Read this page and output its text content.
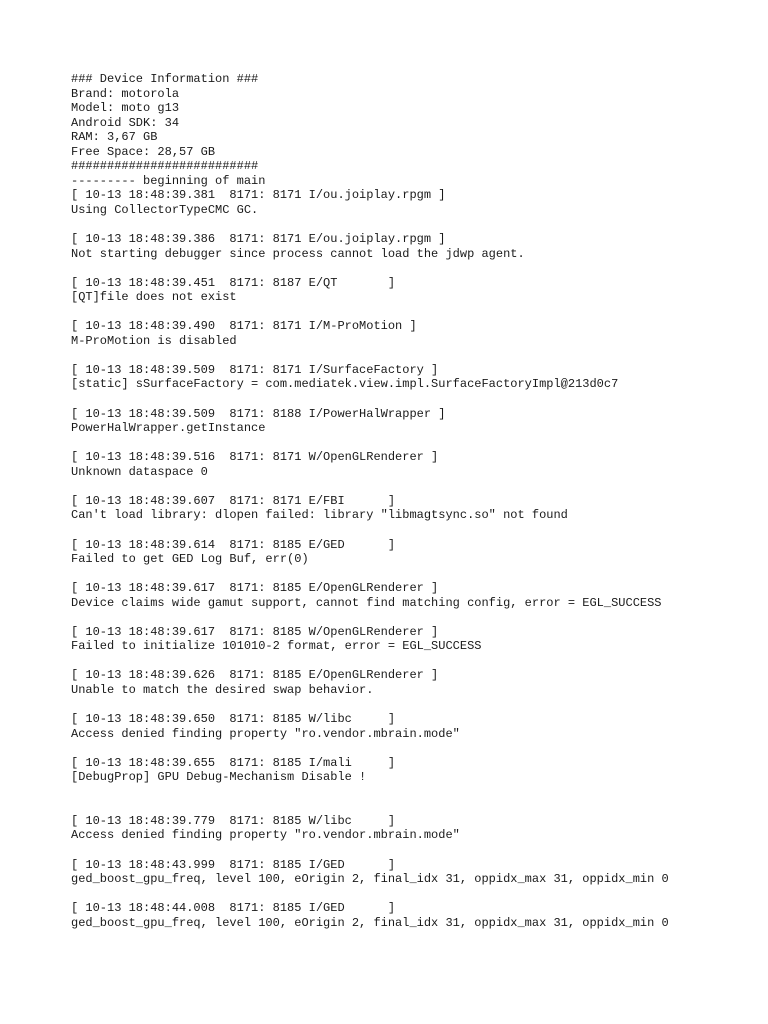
### Device Information ###
Brand: motorola
Model: moto g13
Android SDK: 34
RAM: 3,67 GB
Free Space: 28,57 GB
##########################
--------- beginning of main
[ 10-13 18:48:39.381  8171: 8171 I/ou.joiplay.rpgm ]
Using CollectorTypeCMC GC.

[ 10-13 18:48:39.386  8171: 8171 E/ou.joiplay.rpgm ]
Not starting debugger since process cannot load the jdwp agent.

[ 10-13 18:48:39.451  8171: 8187 E/QT       ]
[QT]file does not exist

[ 10-13 18:48:39.490  8171: 8171 I/M-ProMotion ]
M-ProMotion is disabled

[ 10-13 18:48:39.509  8171: 8171 I/SurfaceFactory ]
[static] sSurfaceFactory = com.mediatek.view.impl.SurfaceFactoryImpl@213d0c7

[ 10-13 18:48:39.509  8171: 8188 I/PowerHalWrapper ]
PowerHalWrapper.getInstance

[ 10-13 18:48:39.516  8171: 8171 W/OpenGLRenderer ]
Unknown dataspace 0

[ 10-13 18:48:39.607  8171: 8171 E/FBI      ]
Can't load library: dlopen failed: library "libmagtsync.so" not found

[ 10-13 18:48:39.614  8171: 8185 E/GED      ]
Failed to get GED Log Buf, err(0)

[ 10-13 18:48:39.617  8171: 8185 E/OpenGLRenderer ]
Device claims wide gamut support, cannot find matching config, error = EGL_SUCCESS

[ 10-13 18:48:39.617  8171: 8185 W/OpenGLRenderer ]
Failed to initialize 101010-2 format, error = EGL_SUCCESS

[ 10-13 18:48:39.626  8171: 8185 E/OpenGLRenderer ]
Unable to match the desired swap behavior.

[ 10-13 18:48:39.650  8171: 8185 W/libc     ]
Access denied finding property "ro.vendor.mbrain.mode"

[ 10-13 18:48:39.655  8171: 8185 I/mali     ]
[DebugProp] GPU Debug-Mechanism Disable !

[ 10-13 18:48:39.779  8171: 8185 W/libc     ]
Access denied finding property "ro.vendor.mbrain.mode"

[ 10-13 18:48:43.999  8171: 8185 I/GED      ]
ged_boost_gpu_freq, level 100, eOrigin 2, final_idx 31, oppidx_max 31, oppidx_min 0

[ 10-13 18:48:44.008  8171: 8185 I/GED      ]
ged_boost_gpu_freq, level 100, eOrigin 2, final_idx 31, oppidx_max 31, oppidx_min 0
